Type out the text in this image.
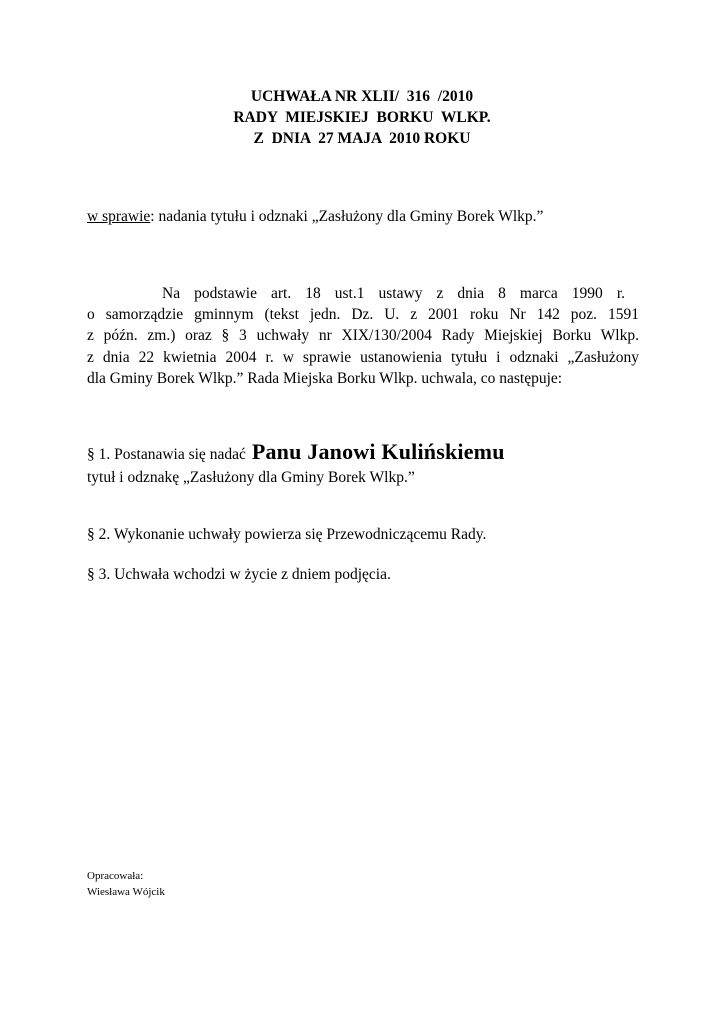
UCHWAŁA NR XLII/  316  /2010
RADY  MIEJSKIEJ  BORKU  WLKP.
Z  DNIA  27 MAJA  2010 ROKU
w sprawie: nadania tytułu i odznaki „Zasłużony dla Gminy Borek Wlkp.”
Na podstawie art. 18 ust.1 ustawy z dnia 8 marca 1990 r.
o samorządzie gminnym (tekst jedn. Dz. U. z 2001 roku Nr 142 poz. 1591
z późn. zm.) oraz § 3 uchwały nr XIX/130/2004 Rady Miejskiej Borku Wlkp.
z dnia 22 kwietnia 2004 r. w sprawie ustanowienia tytułu i odznaki „Zasłużony
dla Gminy Borek Wlkp.” Rada Miejska Borku Wlkp. uchwala, co następuje:
§ 1. Postanawia się nadać Panu Janowi Kulińskiemu
tytuł i odznakę „Zasłużony dla Gminy Borek Wlkp.”
§ 2. Wykonanie uchwały powierza się Przewodniczącemu Rady.
§ 3. Uchwała wchodzi w życie z dniem podjęcia.
Opracowała:
Wiesława Wójcik
